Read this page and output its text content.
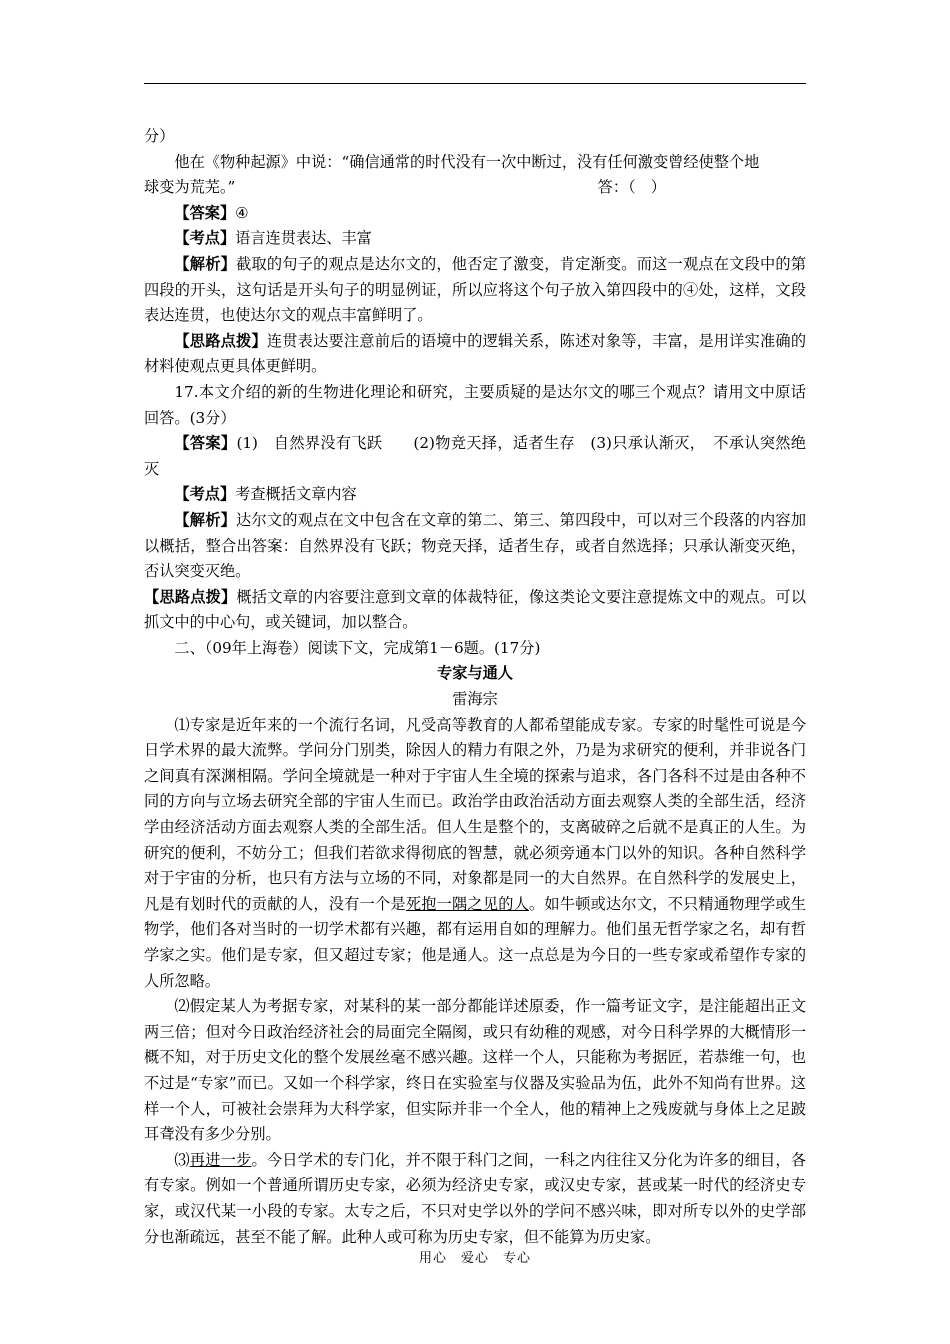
分）

他在《物种起源》中说：“确信通常的时代没有一次中断过，没有任何激变曾经使整个地

球变为荒芜。”	答：（　）

【答案】④

【考点】语言连贯表达、丰富

【解析】截取的句子的观点是达尔文的，他否定了激变，肯定渐变。而这一观点在文段中的第四段的开头，这句话是开头句子的明显例证，所以应将这个句子放入第四段中的④处，这样，文段表达连贯，也使达尔文的观点丰富鲜明了。

【思路点拨】连贯表达要注意前后的语境中的逻辑关系，陈述对象等，丰富，是用详实准确的材料使观点更具体更鲜明。

17.本文介绍的新的生物进化理论和研究，主要质疑的是达尔文的哪三个观点？请用文中原话回答。(3分）

【答案】(1)　自然界没有飞跃　　(2)物竞天择，适者生存　(3)只承认渐灭，　不承认突然绝灭

【考点】考查概括文章内容

【解析】达尔文的观点在文中包含在文章的第二、第三、第四段中，可以对三个段落的内容加以概括，整合出答案：自然界没有飞跃；物竞天择，适者生存，或者自然选择；只承认渐变灭绝，否认突变灭绝。

【思路点拨】概括文章的内容要注意到文章的体裁特征，像这类论文要注意提炼文中的观点。可以抓文中的中心句，或关键词，加以整合。

二、（09年上海卷）阅读下文，完成第1－6题。(17分)

专家与通人

雷海宗

⑴专家是近年来的一个流行名词，凡受高等教育的人都希望能成专家。专家的时髦性可说是今日学术界的最大流弊。学问分门别类，除因人的精力有限之外，乃是为求研究的便利，并非说各门之间真有深渊相隔。学问全境就是一种对于宇宙人生全境的探索与追求，各门各科不过是由各种不同的方向与立场去研究全部的宇宙人生而已。政治学由政治活动方面去观察人类的全部生活，经济学由经济活动方面去观察人类的全部生活。但人生是整个的，支离破碎之后就不是真正的人生。为研究的便利，不妨分工；但我们若欲求得彻底的智慧，就必须旁通本门以外的知识。各种自然科学对于宇宙的分析，也只有方法与立场的不同，对象都是同一的大自然界。在自然科学的发展史上，凡是有划时代的贡献的人，没有一个是死抱一隅之见的人。如牛顿或达尔文，不只精通物理学或生物学，他们各对当时的一切学术都有兴趣，都有运用自如的理解力。他们虽无哲学家之名，却有哲学家之实。他们是专家，但又超过专家；他是通人。这一点总是为今日的一些专家或希望作专家的人所忽略。

⑵假定某人为考据专家，对某科的某一部分都能详述原委，作一篇考证文字，是注能超出正文两三倍；但对今日政治经济社会的局面完全隔阂，或只有幼稚的观感，对今日科学界的大概情形一概不知，对于历史文化的整个发展丝毫不感兴趣。这样一个人，只能称为考据匠，若恭维一句，也不过是“专家”而已。又如一个科学家，终日在实验室与仪器及实验品为伍，此外不知尚有世界。这样一个人，可被社会崇拜为大科学家，但实际并非一个全人，他的精神上之残废就与身体上之足跛耳聋没有多少分别。

⑶再进一步。今日学术的专门化，并不限于科门之间，一科之内往往又分化为许多的细目，各有专家。例如一个普通所谓历史专家，必须为经济史专家，或汉史专家，甚或某一时代的经济史专家，或汉代某一小段的专家。太专之后，不只对史学以外的学问不感兴味，即对所专以外的史学部分也渐疏远，甚至不能了解。此种人或可称为历史专家，但不能算为历史家。

用心　爱心　专心
